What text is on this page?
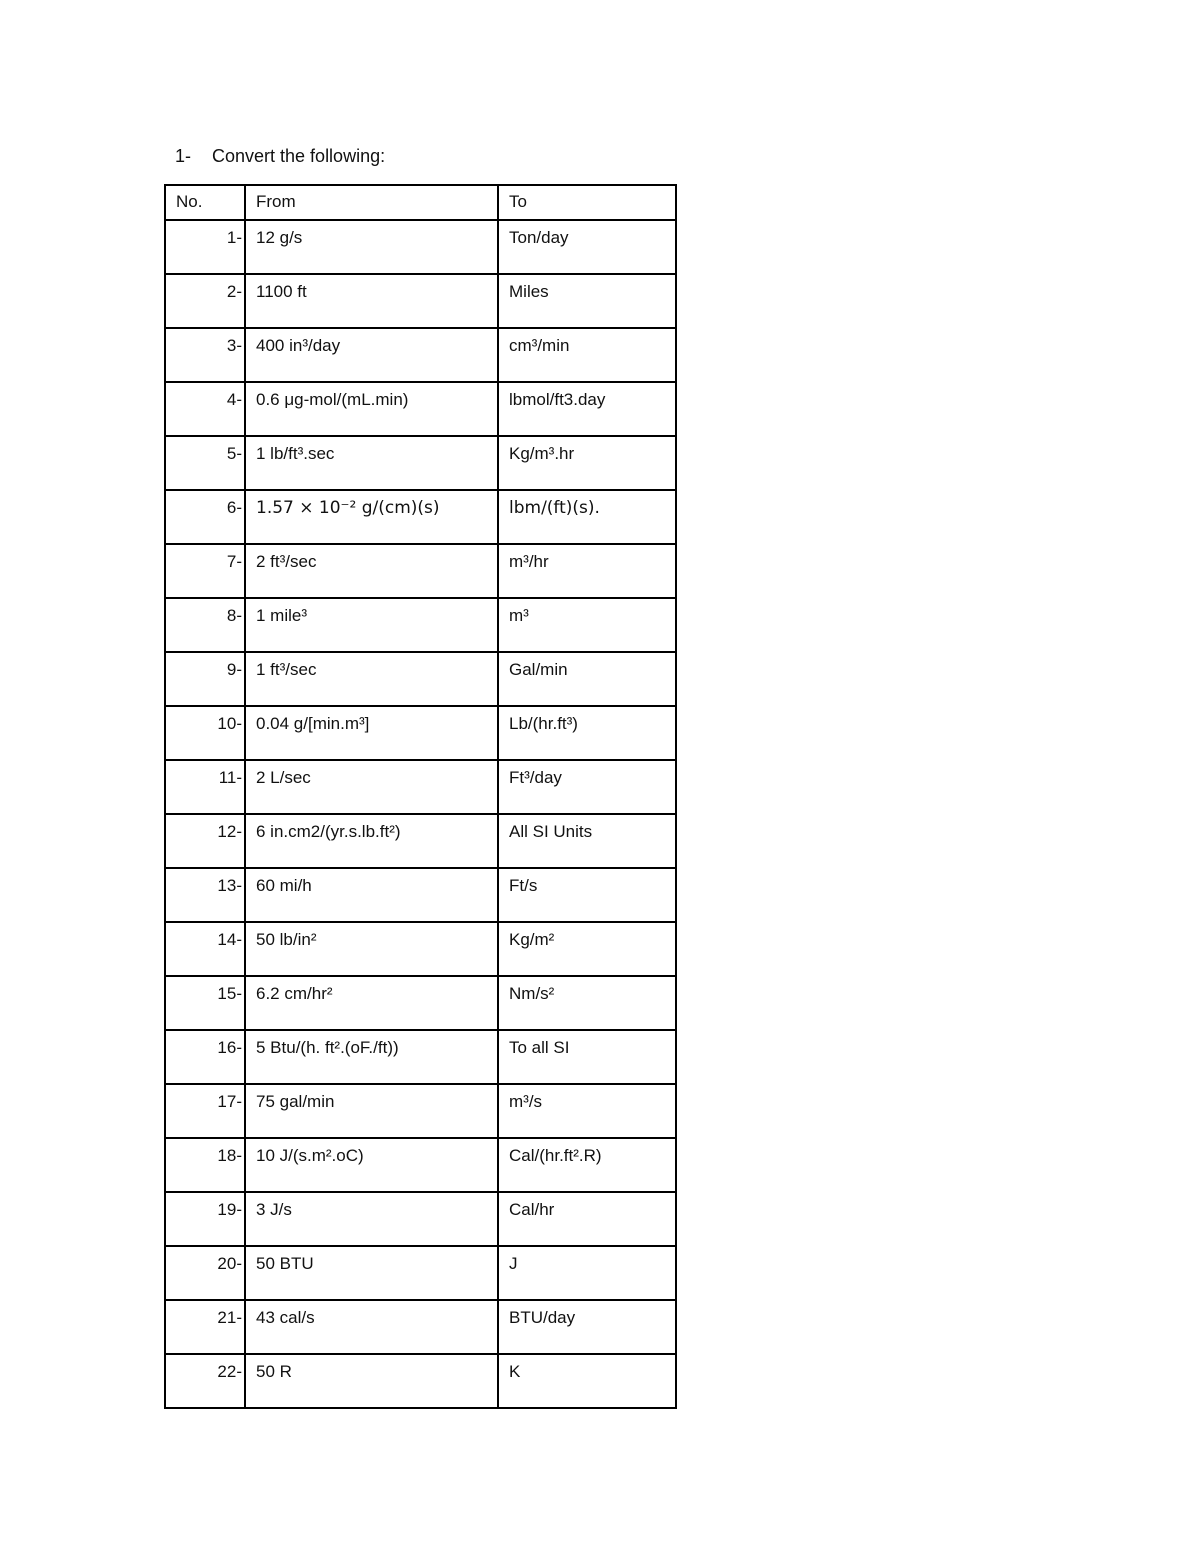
1- Convert the following:
No.	From	To
1-	12 g/s	Ton/day
2-	1100 ft	Miles
3-	400 in³/day	cm³/min
4-	0.6 μg-mol/(mL.min)	lbmol/ft3.day
5-	1 lb/ft³.sec	Kg/m³.hr
6-	1.57 × 10⁻² g/(cm)(s)	lbm/(ft)(s).
7-	2 ft³/sec	m³/hr
8-	1 mile³	m³
9-	1 ft³/sec	Gal/min
10-	0.04 g/[min.m³]	Lb/(hr.ft³)
11-	2 L/sec	Ft³/day
12-	6 in.cm2/(yr.s.lb.ft²)	All SI Units
13-	60 mi/h	Ft/s
14-	50 lb/in²	Kg/m²
15-	6.2 cm/hr²	Nm/s²
16-	5 Btu/(h. ft².(oF./ft))	To all SI
17-	75 gal/min	m³/s
18-	10 J/(s.m².oC)	Cal/(hr.ft².R)
19-	3 J/s	Cal/hr
20-	50 BTU	J
21-	43 cal/s	BTU/day
22-	50 R	K
